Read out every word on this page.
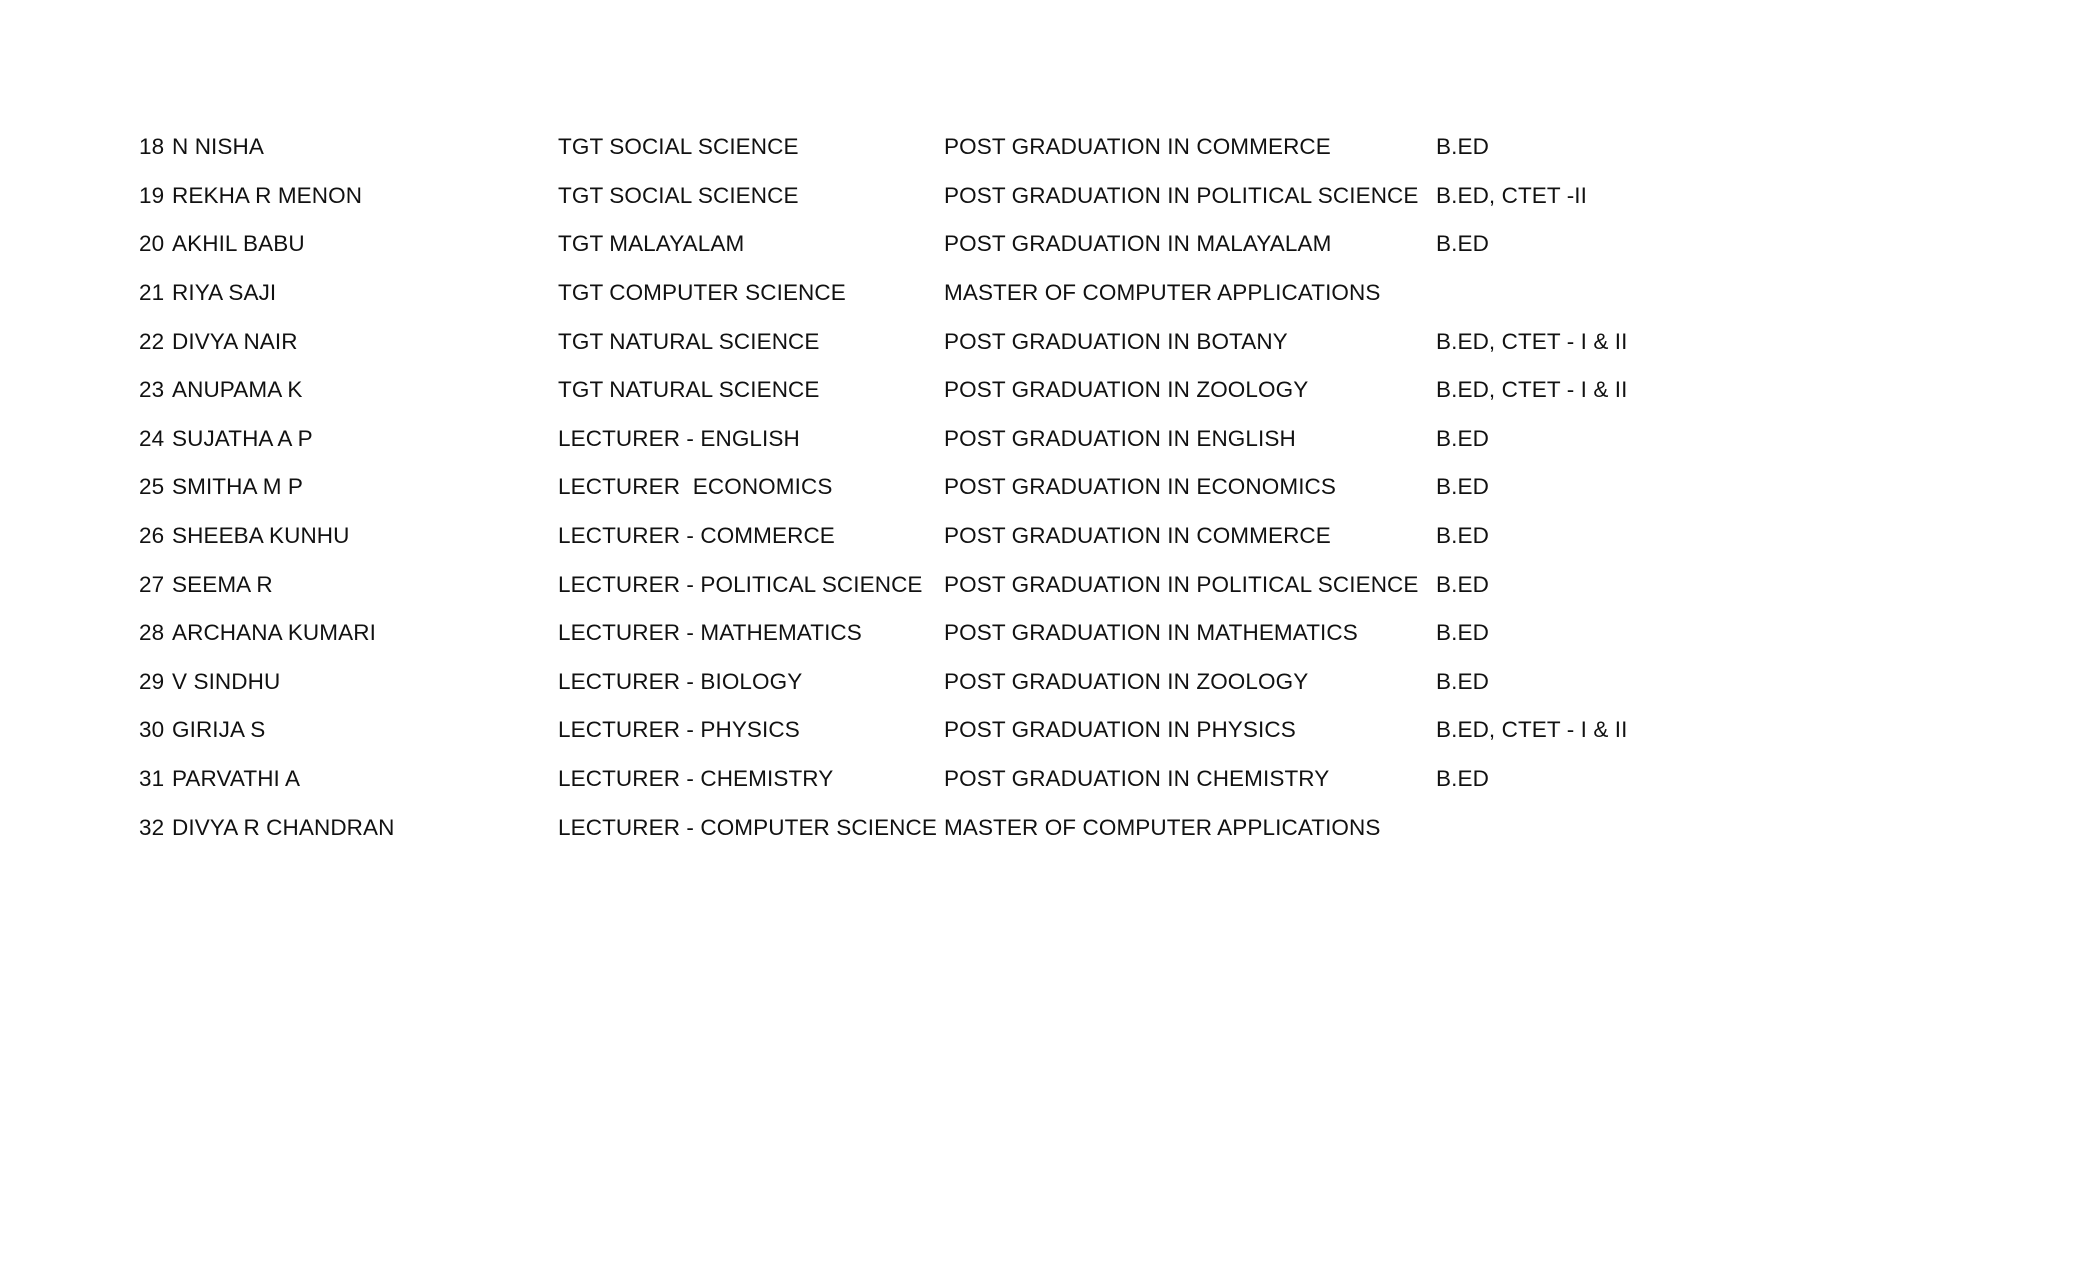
18	N NISHA	TGT SOCIAL SCIENCE	POST GRADUATION IN COMMERCE	B.ED
19	REKHA R MENON	TGT SOCIAL SCIENCE	POST GRADUATION IN POLITICAL SCIENCE	B.ED, CTET -II
20	AKHIL BABU	TGT MALAYALAM	POST GRADUATION IN MALAYALAM	B.ED
21	RIYA SAJI	TGT COMPUTER SCIENCE	MASTER OF COMPUTER APPLICATIONS	
22	DIVYA NAIR	TGT NATURAL SCIENCE	POST GRADUATION IN BOTANY	B.ED, CTET - I & II
23	ANUPAMA K	TGT NATURAL SCIENCE	POST GRADUATION IN ZOOLOGY	B.ED, CTET - I & II
24	SUJATHA A P	LECTURER - ENGLISH	POST GRADUATION IN ENGLISH	B.ED
25	SMITHA M P	LECTURER  ECONOMICS	POST GRADUATION IN ECONOMICS	B.ED
26	SHEEBA KUNHU	LECTURER - COMMERCE	POST GRADUATION IN COMMERCE	B.ED
27	SEEMA R	LECTURER - POLITICAL SCIENCE	POST GRADUATION IN POLITICAL SCIENCE	B.ED
28	ARCHANA KUMARI	LECTURER - MATHEMATICS	POST GRADUATION IN MATHEMATICS	B.ED
29	V SINDHU	LECTURER - BIOLOGY	POST GRADUATION IN ZOOLOGY	B.ED
30	GIRIJA S	LECTURER - PHYSICS	POST GRADUATION IN PHYSICS	B.ED, CTET - I & II
31	PARVATHI A	LECTURER - CHEMISTRY	POST GRADUATION IN CHEMISTRY	B.ED
32	DIVYA R CHANDRAN	LECTURER - COMPUTER SCIENCE	MASTER OF COMPUTER APPLICATIONS	
